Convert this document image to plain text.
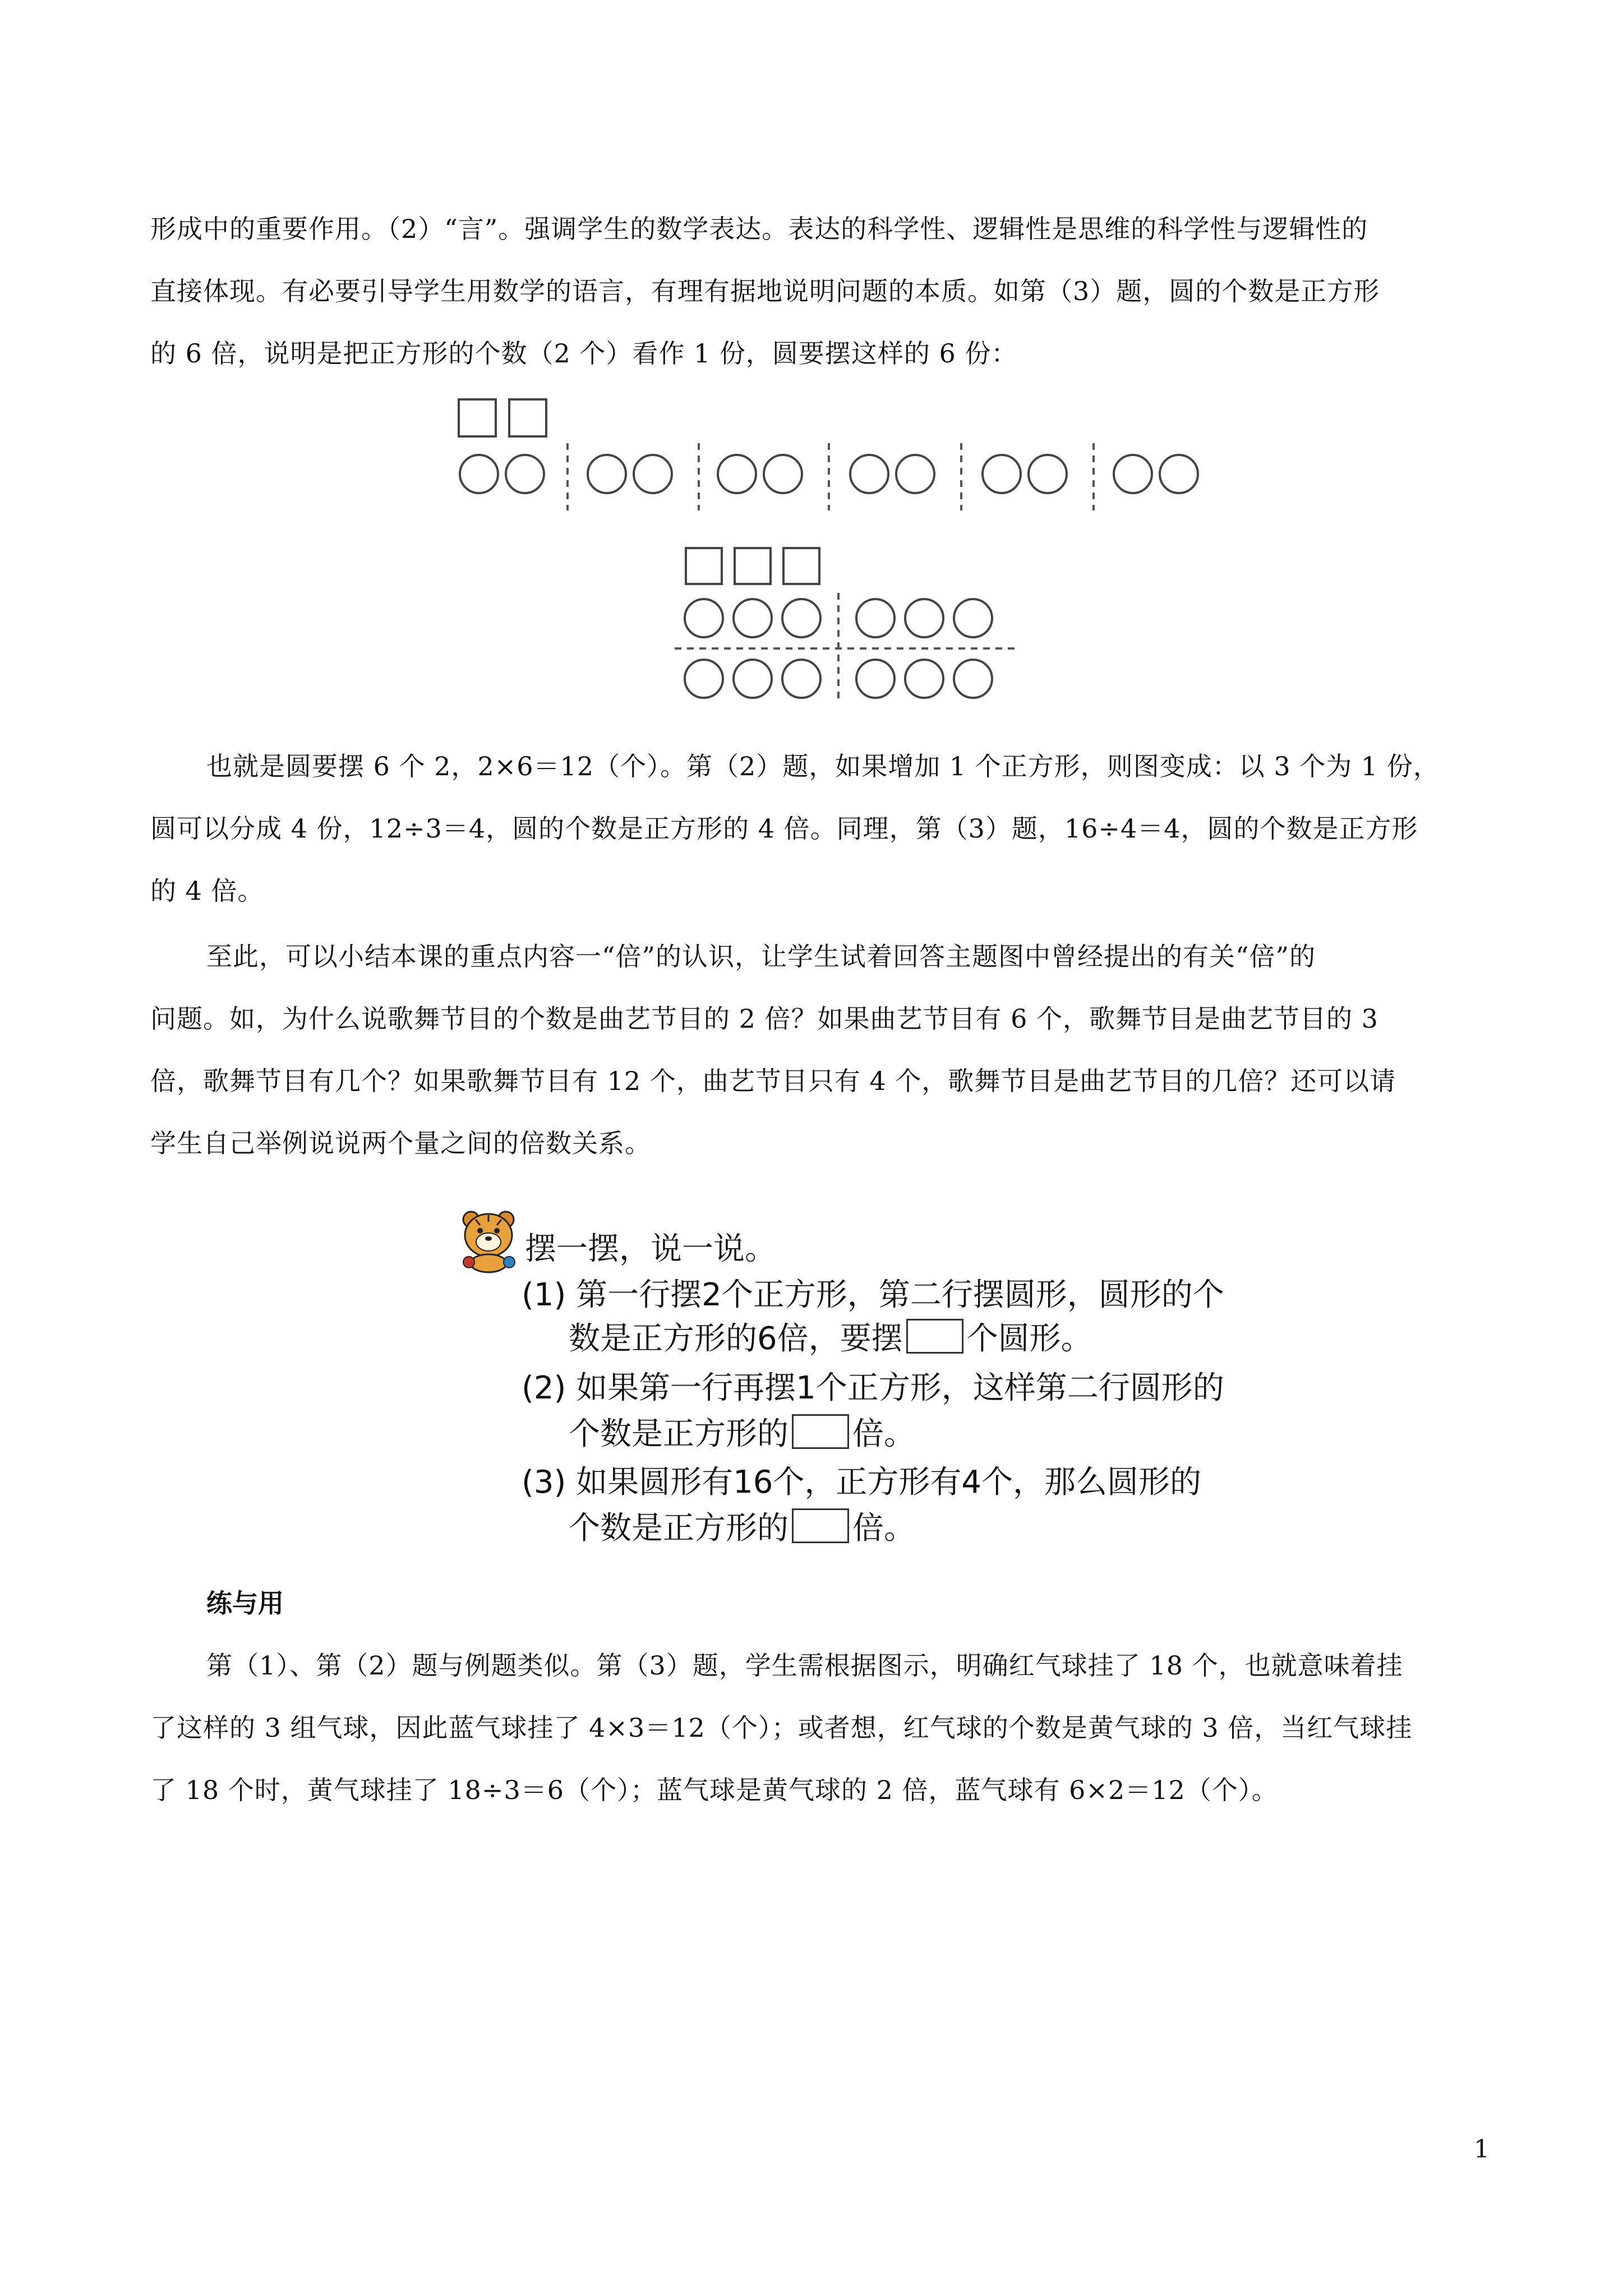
形成中的重要作用。（2）“言”。强调学生的数学表达。表达的科学性、逻辑性是思维的科学性与逻辑性的
直接体现。有必要引导学生用数学的语言，有理有据地说明问题的本质。如第（3）题，圆的个数是正方形
的 6 倍，说明是把正方形的个数（2 个）看作 1 份，圆要摆这样的 6 份：
也就是圆要摆 6 个 2，2×6＝12（个）。第（2）题，如果增加 1 个正方形，则图变成：以 3 个为 1 份，
圆可以分成 4 份，12÷3＝4，圆的个数是正方形的 4 倍。同理，第（3）题，16÷4＝4，圆的个数是正方形
的 4 倍。
至此，可以小结本课的重点内容一“倍”的认识，让学生试着回答主题图中曾经提出的有关“倍”的
问题。如，为什么说歌舞节目的个数是曲艺节目的 2 倍？如果曲艺节目有 6 个，歌舞节目是曲艺节目的 3
倍，歌舞节目有几个？如果歌舞节目有 12 个，曲艺节目只有 4 个，歌舞节目是曲艺节目的几倍？还可以请
学生自己举例说说两个量之间的倍数关系。
摆一摆，说一说。
(1) 第一行摆2个正方形，第二行摆圆形，圆形的个
数是正方形的6倍，要摆 个圆形。
(2) 如果第一行再摆1个正方形，这样第二行圆形的
个数是正方形的 倍。
(3) 如果圆形有16个，正方形有4个，那么圆形的
个数是正方形的 倍。
练与用
第（1）、第（2）题与例题类似。第（3）题，学生需根据图示，明确红气球挂了 18 个，也就意味着挂
了这样的 3 组气球，因此蓝气球挂了 4×3＝12（个）；或者想，红气球的个数是黄气球的 3 倍，当红气球挂
了 18 个时，黄气球挂了 18÷3＝6（个）；蓝气球是黄气球的 2 倍，蓝气球有 6×2＝12（个）。
1
